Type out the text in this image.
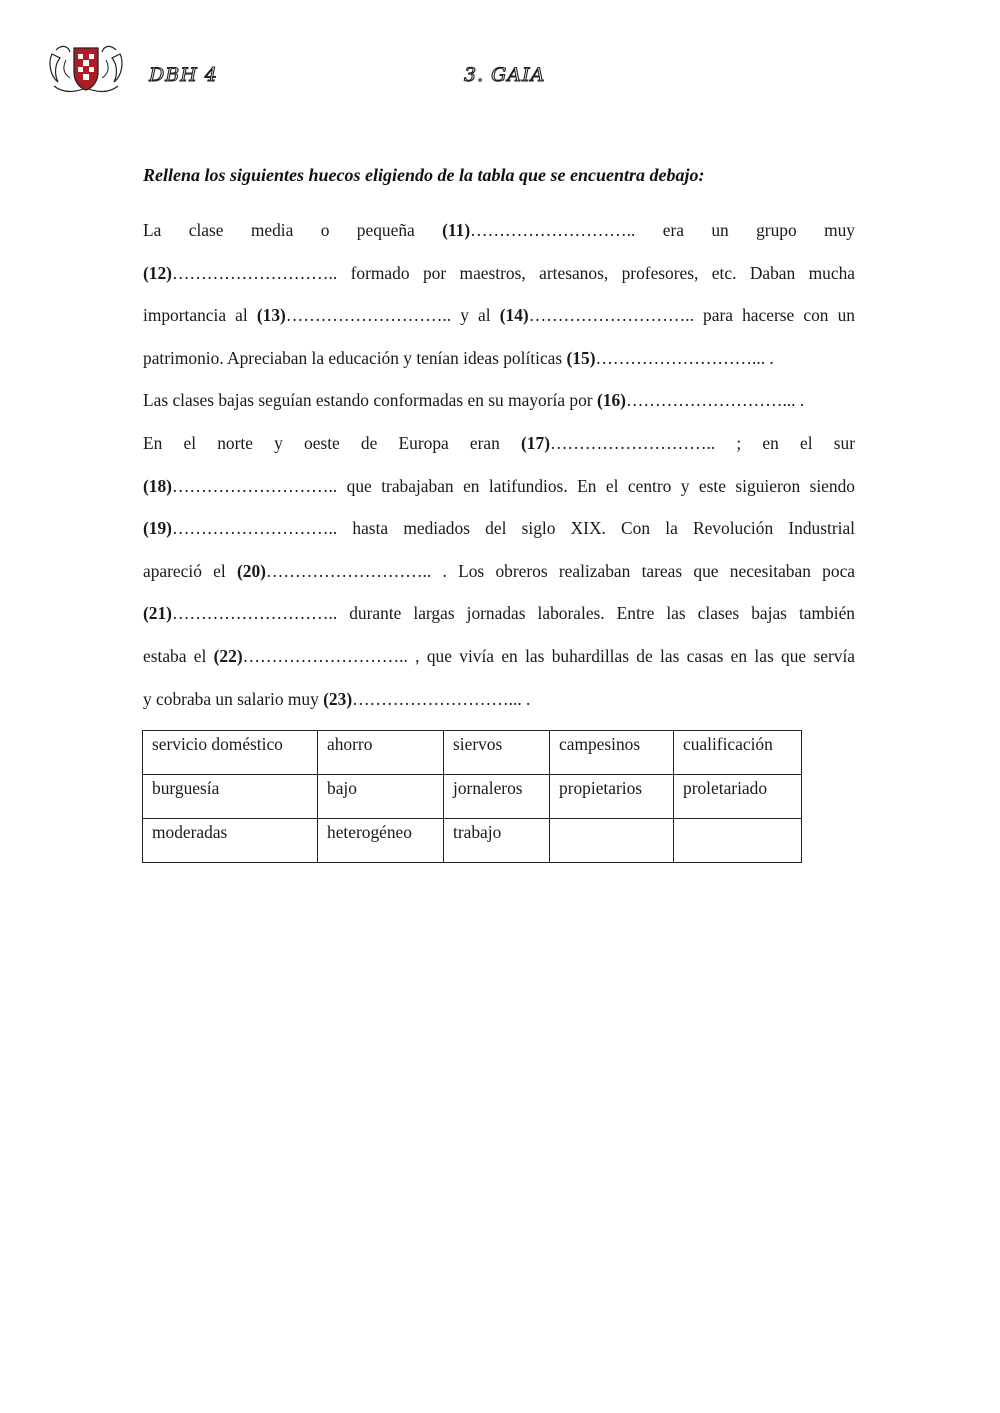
DBH 4	3. GAIA
Rellena los siguientes huecos eligiendo de la tabla que se encuentra debajo:
La clase media o pequeña (11)……………………….. era un grupo muy
(12)……………………….. formado por maestros, artesanos, profesores, etc. Daban mucha
importancia al (13)……………………….. y al (14)……………………….. para hacerse con un
patrimonio. Apreciaban la educación y tenían ideas políticas (15)………………………... .
Las clases bajas seguían estando conformadas en su mayoría por (16)………………………... .
En el norte y oeste de Europa eran (17)……………………….. ; en el sur
(18)……………………….. que trabajaban en latifundios. En el centro y este siguieron siendo
(19)……………………….. hasta mediados del siglo XIX. Con la Revolución Industrial
apareció el (20)……………………….. . Los obreros realizaban tareas que necesitaban poca
(21)……………………….. durante largas jornadas laborales. Entre las clases bajas también
estaba el (22)……………………….. , que vivía en las buhardillas de las casas en las que servía
y cobraba un salario muy (23)………………………... .
servicio doméstico	ahorro	siervos	campesinos	cualificación
burguesía	bajo	jornaleros	propietarios	proletariado
moderadas	heterogéneo	trabajo		
